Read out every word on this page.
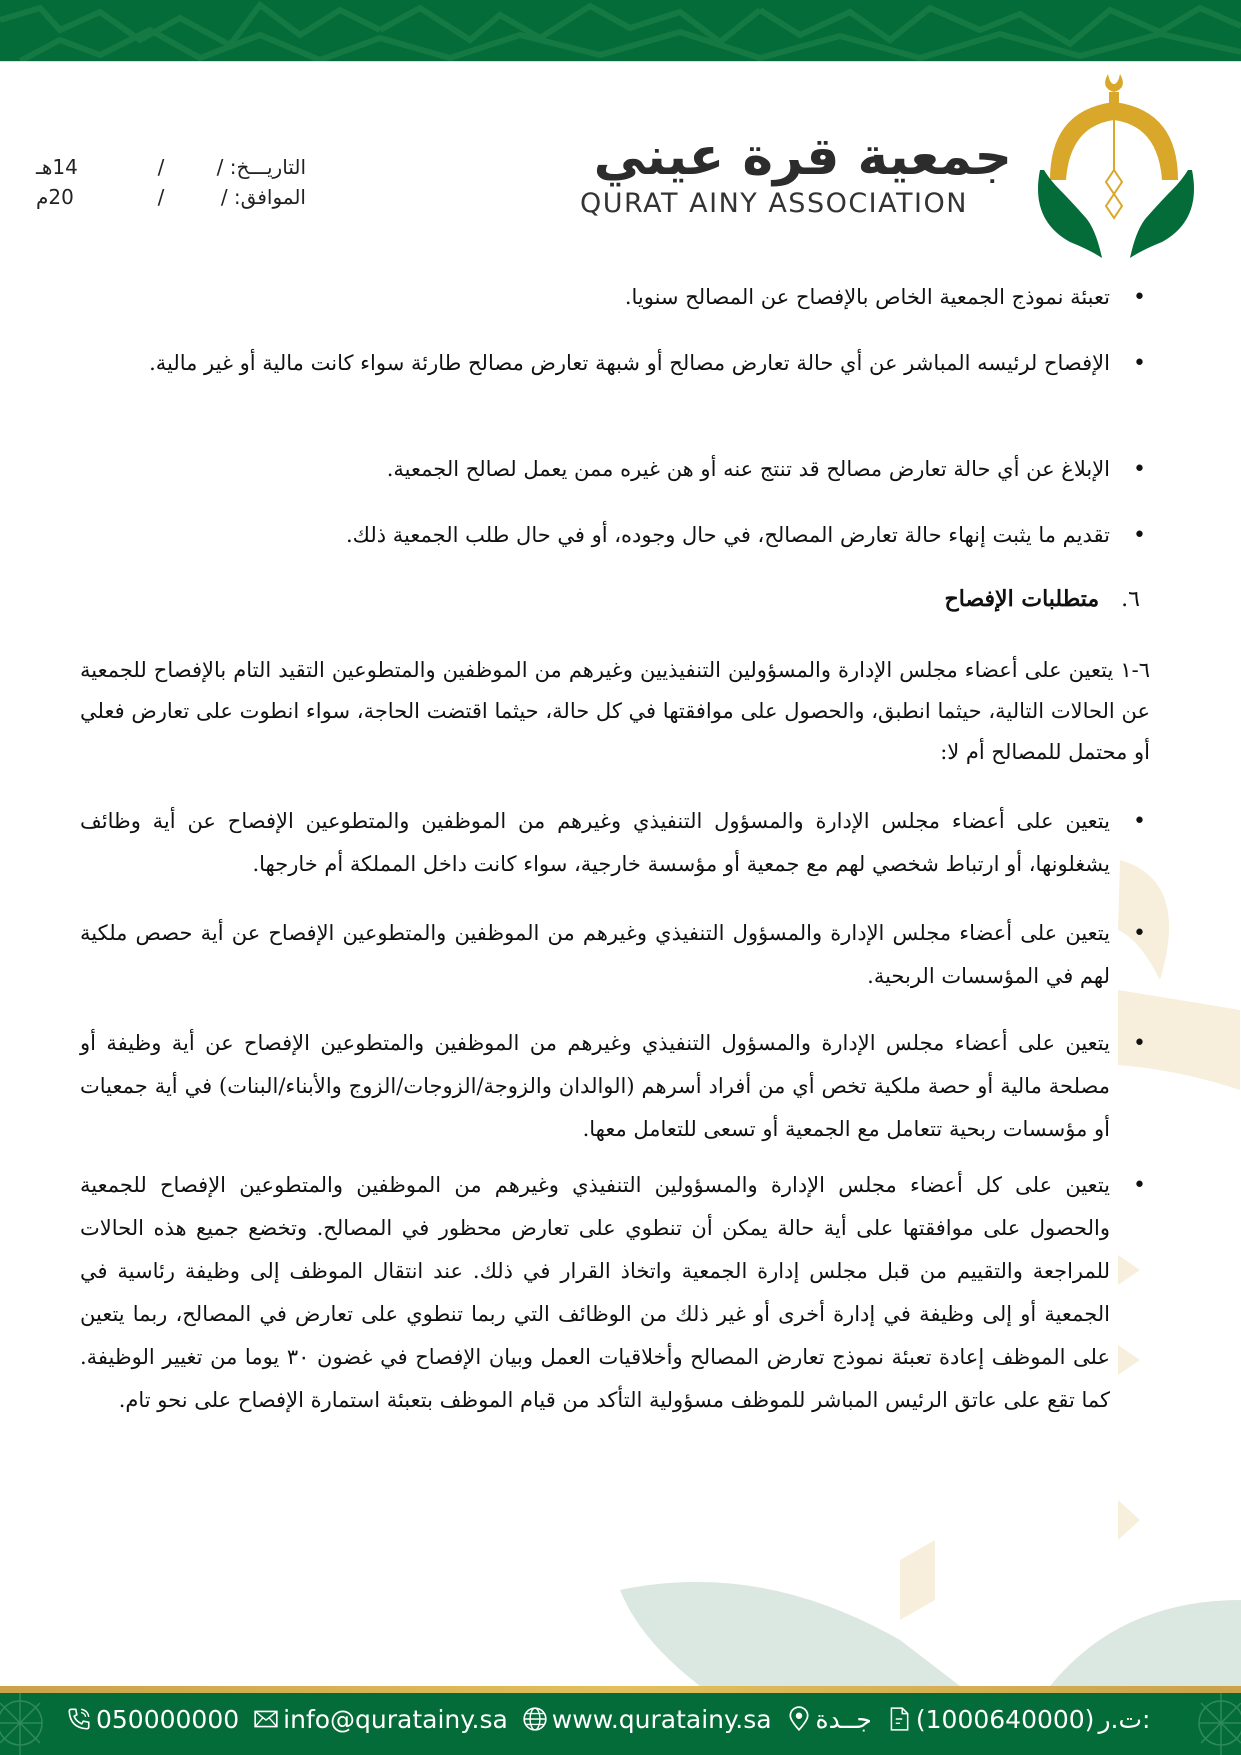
التاريـــخ: /
/
14هـ
الموافق: /
/
20م
جمعية قرة عيني
QURAT AINY ASSOCIATION
• تعبئة نموذج الجمعية الخاص بالإفصاح عن المصالح سنويا.
• الإفصاح لرئيسه المباشر عن أي حالة تعارض مصالح أو شبهة تعارض مصالح طارئة سواء كانت مالية أو غير مالية.
• الإبلاغ عن أي حالة تعارض مصالح قد تنتج عنه أو هن غيره ممن يعمل لصالح الجمعية.
• تقديم ما يثبت إنهاء حالة تعارض المصالح، في حال وجوده، أو في حال طلب الجمعية ذلك.
٦.متطلبات الإفصاح
٦-١ يتعين على أعضاء مجلس الإدارة والمسؤولين التنفيذيين وغيرهم من الموظفين والمتطوعين التقيد التام بالإفصاح للجمعية عن الحالات التالية، حيثما انطبق، والحصول على موافقتها في كل حالة، حيثما اقتضت الحاجة، سواء انطوت على تعارض فعلي أو محتمل للمصالح أم لا:
• يتعين على أعضاء مجلس الإدارة والمسؤول التنفيذي وغيرهم من الموظفين والمتطوعين الإفصاح عن أية وظائف يشغلونها، أو ارتباط شخصي لهم مع جمعية أو مؤسسة خارجية، سواء كانت داخل المملكة أم خارجها.
• يتعين على أعضاء مجلس الإدارة والمسؤول التنفيذي وغيرهم من الموظفين والمتطوعين الإفصاح عن أية حصص ملكية لهم في المؤسسات الربحية.
• يتعين على أعضاء مجلس الإدارة والمسؤول التنفيذي وغيرهم من الموظفين والمتطوعين الإفصاح عن أية وظيفة أو مصلحة مالية أو حصة ملكية تخص أي من أفراد أسرهم (الوالدان والزوجة/الزوجات/الزوج والأبناء/البنات) في أية جمعيات أو مؤسسات ربحية تتعامل مع الجمعية أو تسعى للتعامل معها.
• يتعين على كل أعضاء مجلس الإدارة والمسؤولين التنفيذي وغيرهم من الموظفين والمتطوعين الإفصاح للجمعية والحصول على موافقتها على أية حالة يمكن أن تنطوي على تعارض محظور في المصالح. وتخضع جميع هذه الحالات للمراجعة والتقييم من قبل مجلس إدارة الجمعية واتخاذ القرار في ذلك. عند انتقال الموظف إلى وظيفة رئاسية في الجمعية أو إلى وظيفة في إدارة أخرى أو غير ذلك من الوظائف التي ربما تنطوي على تعارض في المصالح، ربما يتعين على الموظف إعادة تعبئة نموذج تعارض المصالح وأخلاقيات العمل وبيان الإفصاح في غضون ٣٠ يوما من تغيير الوظيفة. كما تقع على عاتق الرئيس المباشر للموظف مسؤولية التأكد من قيام الموظف بتعبئة استمارة الإفصاح على نحو تام.
050000000 info@quratainy.sa www.quratainy.sa جــدة (1000640000) ت.ر:
